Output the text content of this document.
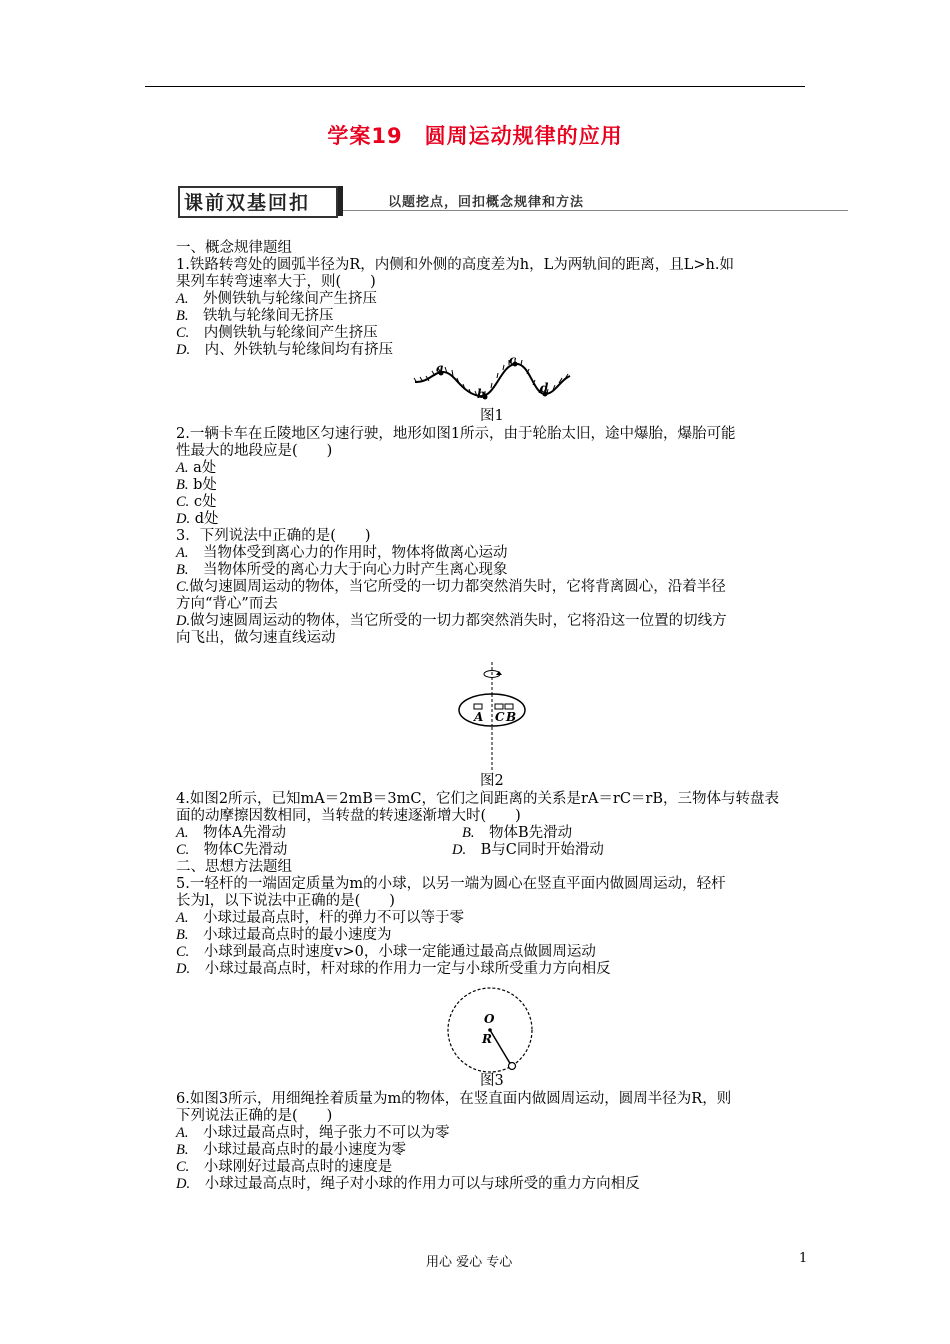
学案19　圆周运动规律的应用
课前双基回扣	以题挖点，回扣概念规律和方法
一、概念规律题组
1.铁路转弯处的圆弧半径为R，内侧和外侧的高度差为h，L为两轨间的距离，且L>h.如
果列车转弯速率大于，则(　　)
A.　 外侧铁轨与轮缘间产生挤压
B.　 铁轨与轮缘间无挤压
C.　 内侧铁轨与轮缘间产生挤压
D.　 内、外铁轨与轮缘间均有挤压
a
b
c
d
图1
2.一辆卡车在丘陵地区匀速行驶，地形如图1所示，由于轮胎太旧，途中爆胎，爆胎可能
性最大的地段应是(　　)
A. a处
B. b处
C. c处
D. d处
3．下列说法中正确的是(　　)
A.　 当物体受到离心力的作用时，物体将做离心运动
B.　 当物体所受的离心力大于向心力时产生离心现象
C.做匀速圆周运动的物体，当它所受的一切力都突然消失时，它将背离圆心，沿着半径
方向“背心”而去
D.做匀速圆周运动的物体，当它所受的一切力都突然消失时，它将沿这一位置的切线方
向飞出，做匀速直线运动
A C B
图2
4.如图2所示，已知mA＝2mB＝3mC，它们之间距离的关系是rA＝rC＝rB，三物体与转盘表
面的动摩擦因数相同，当转盘的转速逐渐增大时(　　)
A.　 物体A先滑动	B.　 物体B先滑动
C.　 物体C先滑动	D.　 B与C同时开始滑动
二、思想方法题组
5.一轻杆的一端固定质量为m的小球，以另一端为圆心在竖直平面内做圆周运动，轻杆
长为l，以下说法中正确的是(　　)
A.　 小球过最高点时，杆的弹力不可以等于零
B.　 小球过最高点时的最小速度为
C.　 小球到最高点时速度v>0，小球一定能通过最高点做圆周运动
D.　 小球过最高点时，杆对球的作用力一定与小球所受重力方向相反
O
R
图3
6.如图3所示，用细绳拴着质量为m的物体，在竖直面内做圆周运动，圆周半径为R，则
下列说法正确的是(　　)
A.　 小球过最高点时，绳子张力不可以为零
B.　 小球过最高点时的最小速度为零
C.　 小球刚好过最高点时的速度是
D.　 小球过最高点时，绳子对小球的作用力可以与球所受的重力方向相反
用心 爱心 专心	1
